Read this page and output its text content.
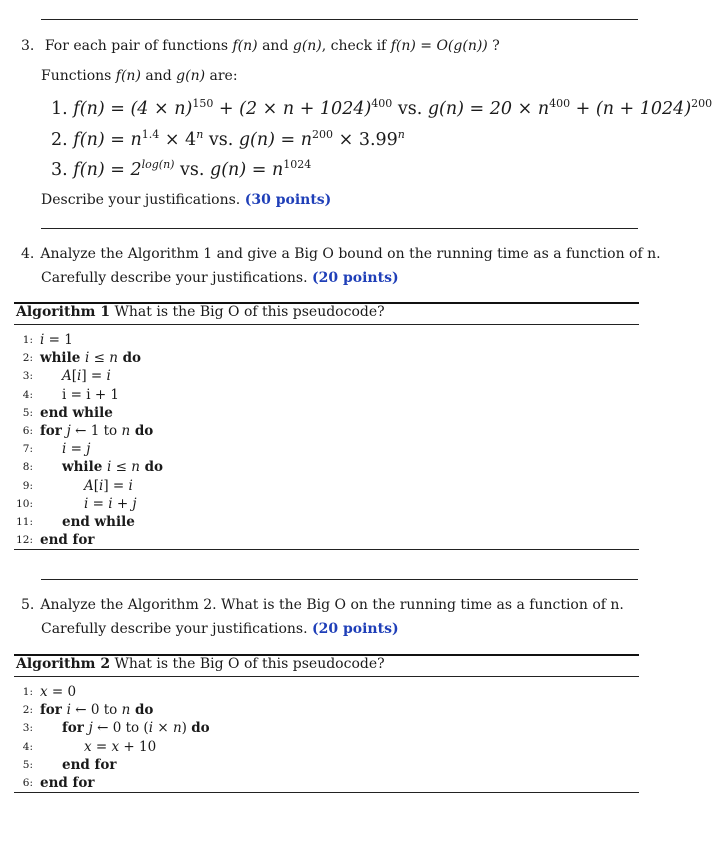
3. For each pair of functions f(n) and g(n), check if f(n) = O(g(n)) ?
Functions f(n) and g(n) are:
1. $f(n) = (4 \times n)^{150} + (2 \times n + 1024)^{400}$ vs. $g(n) = 20 \times n^{400} + (n + 1024)^{200}$
2. $f(n) = n^{1.4} \times 4^n$ vs. $g(n) = n^{200} \times 3.99^n$
3. $f(n) = 2^{log(n)}$ vs. $g(n) = n^{1024}$
Describe your justifications. (30 points)
4. Analyze the Algorithm 1 and give a Big O bound on the running time as a function of n.
Carefully describe your justifications. (20 points)
Algorithm 1 What is the Big O of this pseudocode?
1: i = 1
2: while i ≤ n do
3: A[i] = i
4: i = i + 1
5: end while
6: for j ← 1 to n do
7: i = j
8: while i ≤ n do
9:	A[i] = i
10:	i = i + j
11: end while
12: end for
5. Analyze the Algorithm 2. What is the Big O on the running time as a function of n.
Carefully describe your justifications. (20 points)
Algorithm 2 What is the Big O of this pseudocode?
1: x = 0
2: for i ← 0 to n do
3: for j ← 0 to (i × n) do
4:	x = x + 10
5: end for
6: end for
